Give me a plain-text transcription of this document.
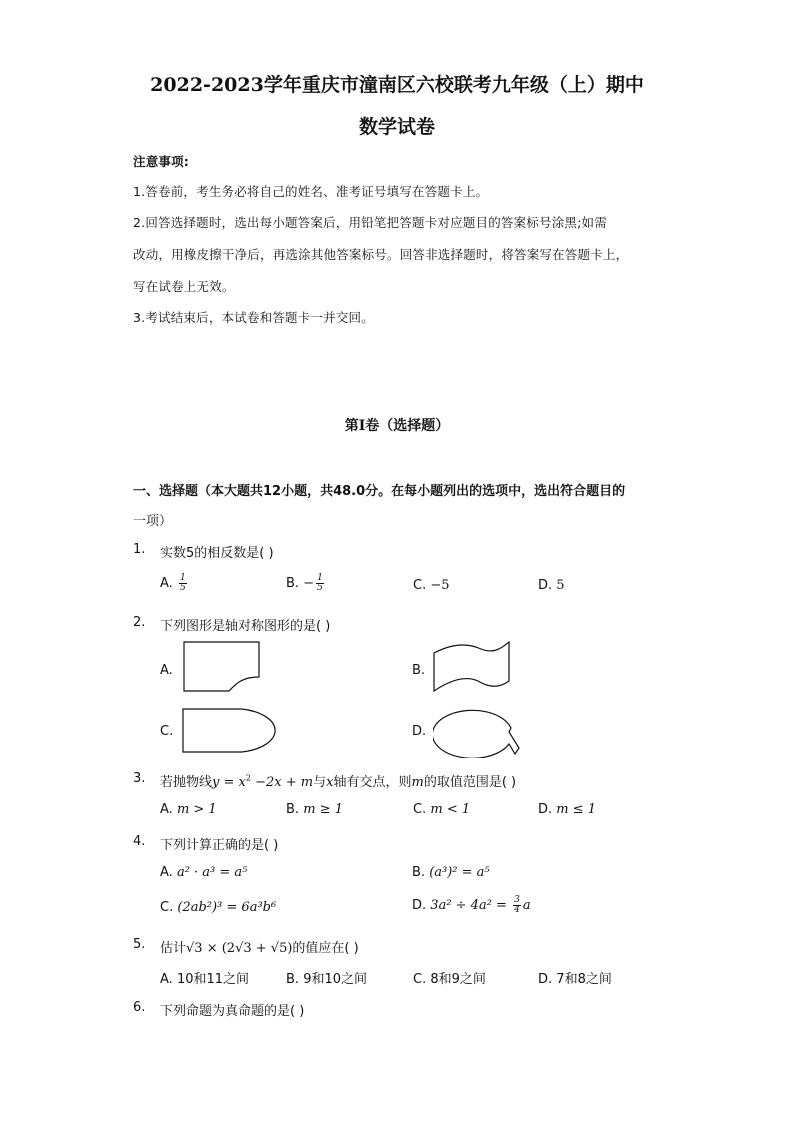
2022-2023学年重庆市潼南区六校联考九年级（上）期中
数学试卷
注意事项:
1.答卷前，考生务必将自己的姓名、准考证号填写在答题卡上。
2.回答选择题时，选出每小题答案后，用铅笔把答题卡对应题目的答案标号涂黑;如需
改动，用橡皮擦干净后，再选涂其他答案标号。回答非选择题时，将答案写在答题卡上，
写在试卷上无效。
3.考试结束后，本试卷和答题卡一并交回。
第I卷（选择题）
一、选择题（本大题共12小题，共48.0分。在每小题列出的选项中，选出符合题目的
一项）
1. 实数5的相反数是( )
A. $\frac{1}{5}$	B. − $\frac{1}{5}$	C. −5	D. 5
2. 下列图形是轴对称图形的是( )
A.	B.
C.	D.
3. 若抛物线$y = x^2 -2x + m$与x轴有交点，则m的取值范围是( )
A. m > 1	B. m ≥ 1	C. m < 1	D. m ≤ 1
4. 下列计算正确的是( )
A. a² · a³ = a⁵	B. (a³)² = a⁵
C. (2ab²)³ = 6a³b⁶	D. $3a^2 \div 4a^2 = \frac{3}{4}$ a
5. 估计√3 × (2√3 + √5)的值应在( )
A. 10和11之间	B. 9和10之间	C. 8和9之间	D. 7和8之间
6. 下列命题为真命题的是( )
